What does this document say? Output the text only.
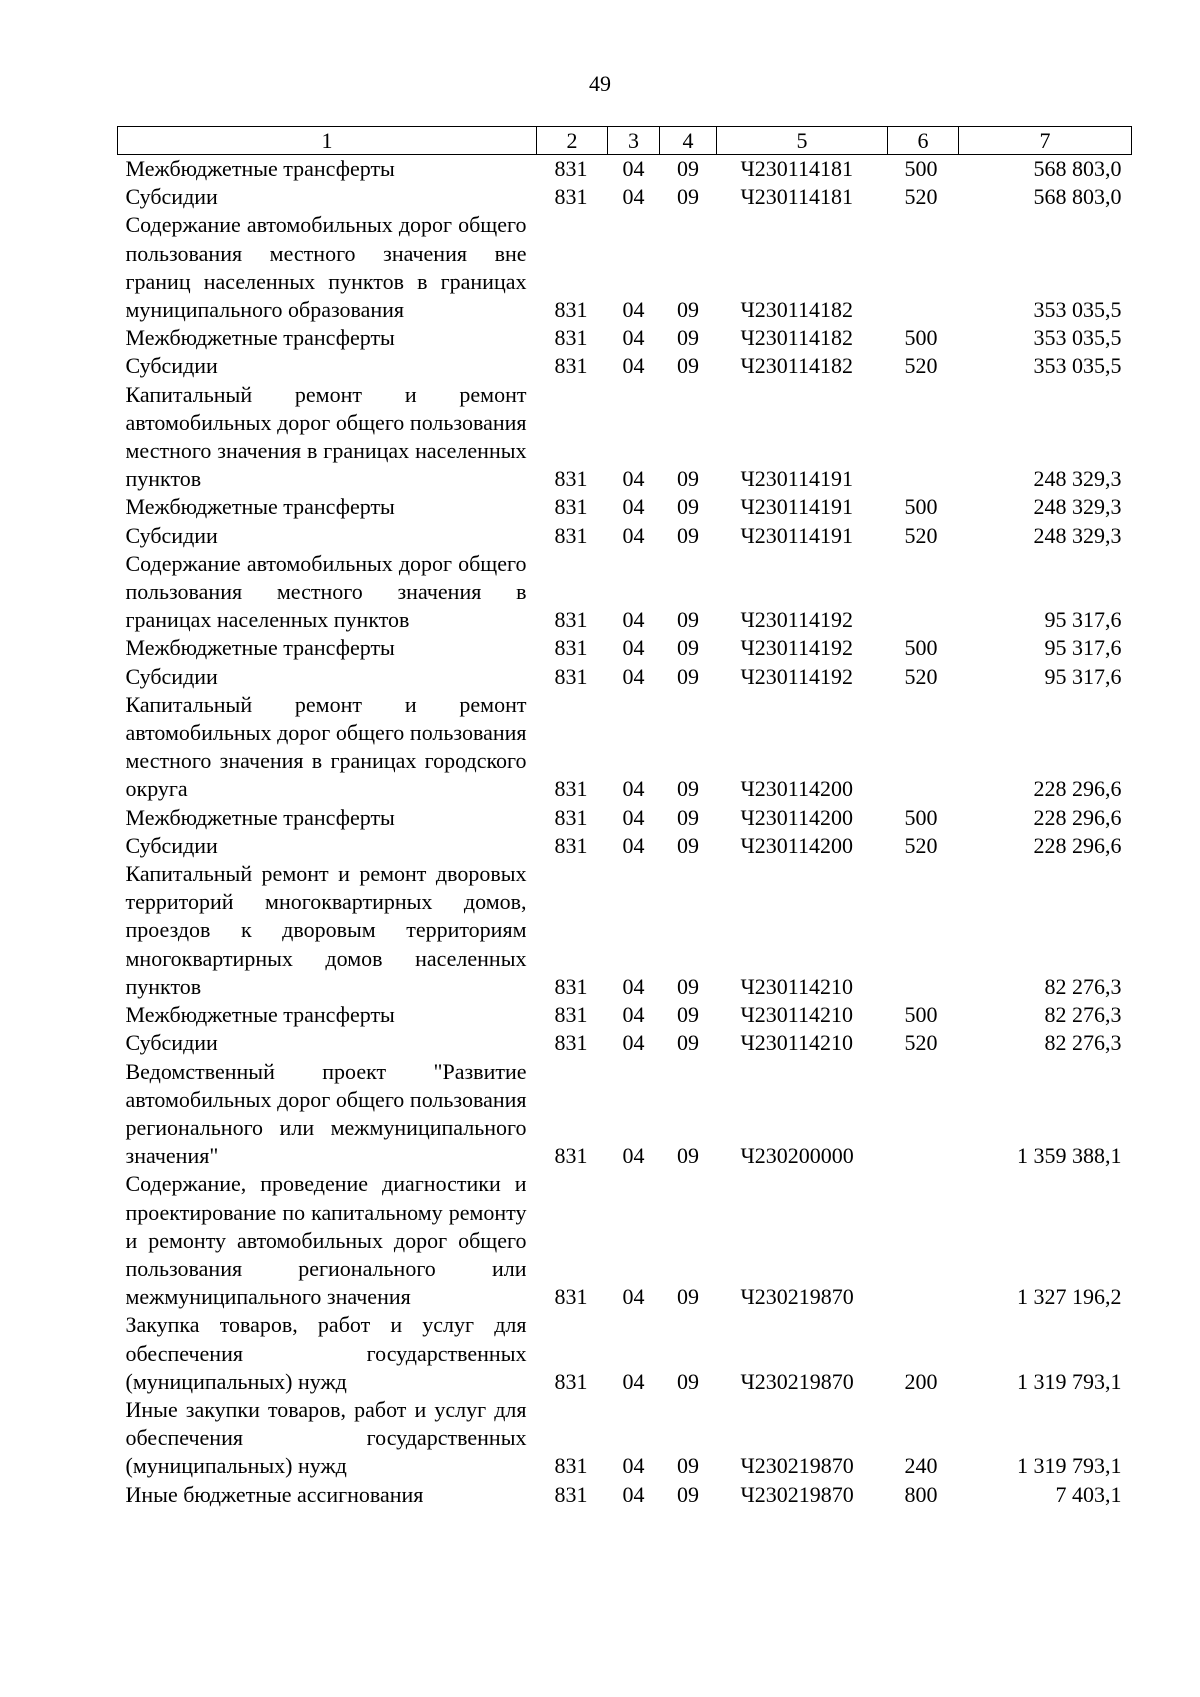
49
1	2	3	4	5	6	7

Межбюджетные трансферты	831	04	09	Ч230114181	500	568 803,0

Субсидии	831	04	09	Ч230114181	520	568 803,0

Содержание автомобильных дорог общего пользования местного значения вне границ населенных пунктов в границах муниципального образования	831	04	09	Ч230114182		353 035,5

Межбюджетные трансферты	831	04	09	Ч230114182	500	353 035,5

Субсидии	831	04	09	Ч230114182	520	353 035,5

Капитальный ремонт и ремонт автомобильных дорог общего пользования местного значения в границах населенных пунктов	831	04	09	Ч230114191		248 329,3

Межбюджетные трансферты	831	04	09	Ч230114191	500	248 329,3

Субсидии	831	04	09	Ч230114191	520	248 329,3

Содержание автомобильных дорог общего пользования местного значения в границах населенных пунктов	831	04	09	Ч230114192		95 317,6

Межбюджетные трансферты	831	04	09	Ч230114192	500	95 317,6

Субсидии	831	04	09	Ч230114192	520	95 317,6

Капитальный ремонт и ремонт автомобильных дорог общего пользования местного значения в границах городского округа	831	04	09	Ч230114200		228 296,6

Межбюджетные трансферты	831	04	09	Ч230114200	500	228 296,6

Субсидии	831	04	09	Ч230114200	520	228 296,6

Капитальный ремонт и ремонт дворовых территорий многоквартирных домов, проездов к дворовым территориям многоквартирных домов населенных пунктов	831	04	09	Ч230114210		82 276,3

Межбюджетные трансферты	831	04	09	Ч230114210	500	82 276,3

Субсидии	831	04	09	Ч230114210	520	82 276,3

Ведомственный проект "Развитие автомобильных дорог общего пользования регионального или межмуниципального значения"	831	04	09	Ч230200000		1 359 388,1

Содержание, проведение диагностики и проектирование по капитальному ремонту и ремонту автомобильных дорог общего пользования регионального или межмуниципального значения	831	04	09	Ч230219870		1 327 196,2

Закупка товаров, работ и услуг для обеспечения государственных (муниципальных) нужд	831	04	09	Ч230219870	200	1 319 793,1

Иные закупки товаров, работ и услуг для обеспечения государственных (муниципальных) нужд	831	04	09	Ч230219870	240	1 319 793,1

Иные бюджетные ассигнования	831	04	09	Ч230219870	800	7 403,1
